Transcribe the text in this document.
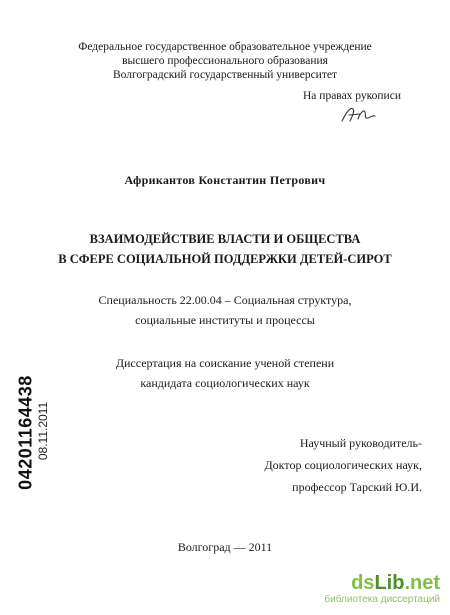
Федеральное государственное образовательное учреждение
высшего профессионального образования
Волгоградский государственный университет
На правах рукописи
Африкантов Константин Петрович
ВЗАИМОДЕЙСТВИЕ ВЛАСТИ И ОБЩЕСТВА
В СФЕРЕ СОЦИАЛЬНОЙ ПОДДЕРЖКИ ДЕТЕЙ-СИРОТ
Специальность 22.00.04 – Социальная структура,
социальные институты и процессы
Диссертация на соискание ученой степени
кандидата социологических наук
Научный руководитель-
Доктор социологических наук,
профессор Тарский Ю.И.
Волгоград — 2011
04201164438 08.11.2011
dsLib.net
библиотека диссертаций
